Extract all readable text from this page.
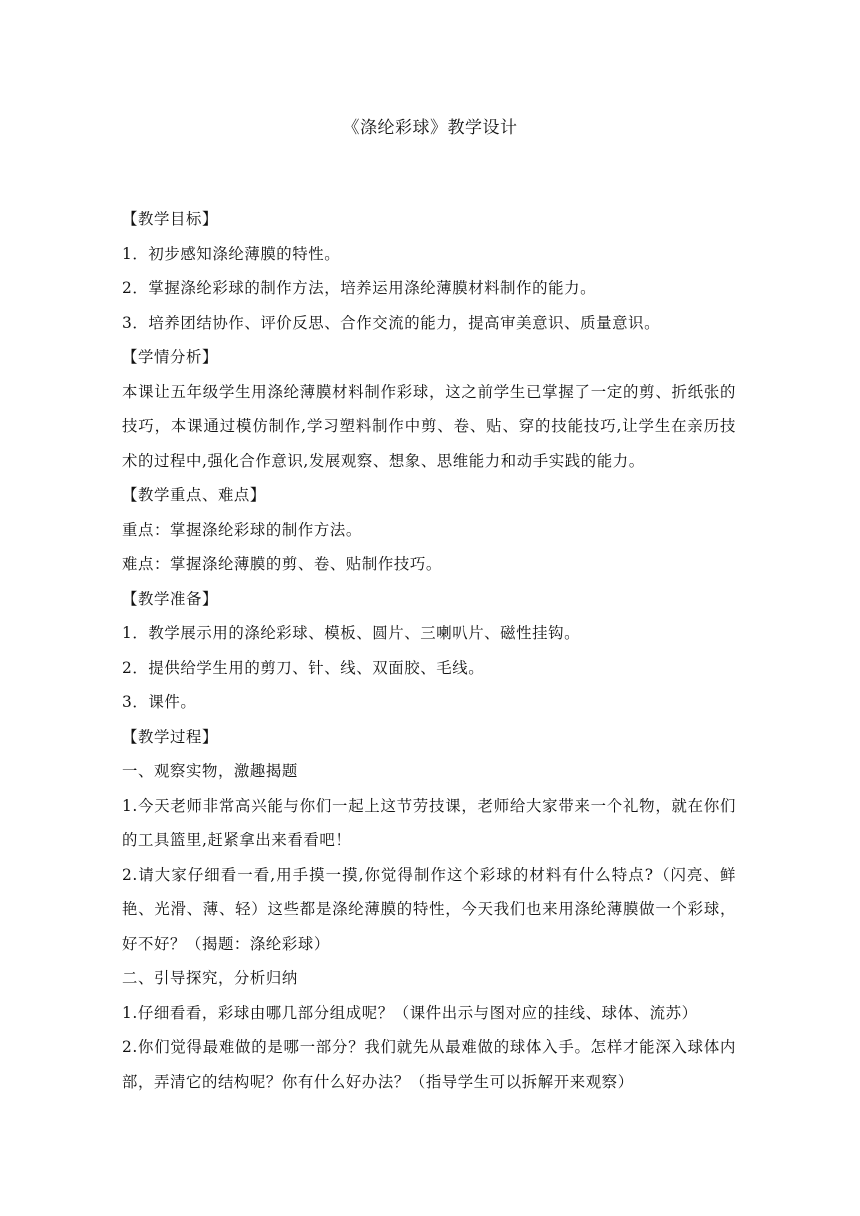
《涤纶彩球》教学设计

【教学目标】

1．初步感知涤纶薄膜的特性。

2．掌握涤纶彩球的制作方法，培养运用涤纶薄膜材料制作的能力。

3．培养团结协作、评价反思、合作交流的能力，提高审美意识、质量意识。

【学情分析】

本课让五年级学生用涤纶薄膜材料制作彩球，这之前学生已掌握了一定的剪、折纸张的技巧，本课通过模仿制作,学习塑料制作中剪、卷、贴、穿的技能技巧,让学生在亲历技术的过程中,强化合作意识,发展观察、想象、思维能力和动手实践的能力。

【教学重点、难点】

重点：掌握涤纶彩球的制作方法。

难点：掌握涤纶薄膜的剪、卷、贴制作技巧。

【教学准备】

1．教学展示用的涤纶彩球、模板、圆片、三喇叭片、磁性挂钩。

2．提供给学生用的剪刀、针、线、双面胶、毛线。

3．课件。

【教学过程】

一、观察实物，激趣揭题

1.今天老师非常高兴能与你们一起上这节劳技课，老师给大家带来一个礼物，就在你们的工具篮里,赶紧拿出来看看吧！

2.请大家仔细看一看,用手摸一摸,你觉得制作这个彩球的材料有什么特点?（闪亮、鲜艳、光滑、薄、轻）这些都是涤纶薄膜的特性，今天我们也来用涤纶薄膜做一个彩球，好不好？（揭题：涤纶彩球）

二、引导探究，分析归纳

1.仔细看看，彩球由哪几部分组成呢？（课件出示与图对应的挂线、球体、流苏）

2.你们觉得最难做的是哪一部分？我们就先从最难做的球体入手。怎样才能深入球体内部，弄清它的结构呢？你有什么好办法？（指导学生可以拆解开来观察）
